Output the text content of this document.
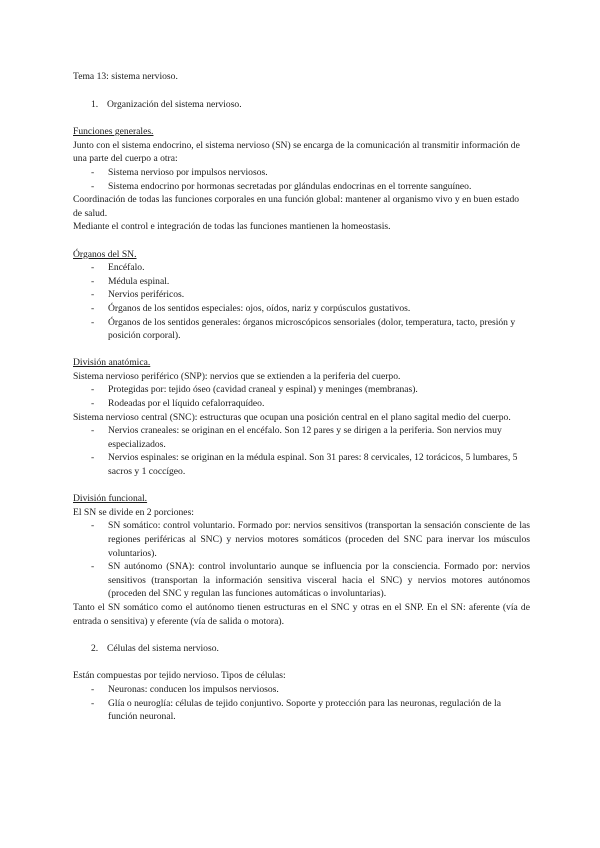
Tema 13: sistema nervioso.

1. Organización del sistema nervioso.

Funciones generales.

Junto con el sistema endocrino, el sistema nervioso (SN) se encarga de la comunicación al transmitir información de una parte del cuerpo a otra:

- Sistema nervioso por impulsos nerviosos.
- Sistema endocrino por hormonas secretadas por glándulas endocrinas en el torrente sanguíneo.

Coordinación de todas las funciones corporales en una función global: mantener al organismo vivo y en buen estado de salud.

Mediante el control e integración de todas las funciones mantienen la homeostasis.

Órganos del SN.

- Encéfalo.
- Médula espinal.
- Nervios periféricos.
- Órganos de los sentidos especiales: ojos, oídos, nariz y corpúsculos gustativos.
- Órganos de los sentidos generales: órganos microscópicos sensoriales (dolor, temperatura, tacto, presión y posición corporal).

División anatómica.

Sistema nervioso periférico (SNP): nervios que se extienden a la periferia del cuerpo.

- Protegidas por: tejido óseo (cavidad craneal y espinal) y meninges (membranas).
- Rodeadas por el líquido cefalorraquídeo.

Sistema nervioso central (SNC): estructuras que ocupan una posición central en el plano sagital medio del cuerpo.

- Nervios craneales: se originan en el encéfalo. Son 12 pares y se dirigen a la periferia. Son nervios muy especializados.
- Nervios espinales: se originan en la médula espinal. Son 31 pares: 8 cervicales, 12 torácicos, 5 lumbares, 5 sacros y 1 coccígeo.

División funcional.

El SN se divide en 2 porciones:

- SN somático: control voluntario. Formado por: nervios sensitivos (transportan la sensación consciente de las regiones periféricas al SNC) y nervios motores somáticos (proceden del SNC para inervar los músculos voluntarios).
- SN autónomo (SNA): control involuntario aunque se influencia por la consciencia. Formado por: nervios sensitivos (transportan la información sensitiva visceral hacia el SNC) y nervios motores autónomos (proceden del SNC y regulan las funciones automáticas o involuntarias).

Tanto el SN somático como el autónomo tienen estructuras en el SNC y otras en el SNP. En el SN: aferente (vía de entrada o sensitiva) y eferente (vía de salida o motora).

2. Células del sistema nervioso.

Están compuestas por tejido nervioso. Tipos de células:

- Neuronas: conducen los impulsos nerviosos.
- Glía o neuroglía: células de tejido conjuntivo. Soporte y protección para las neuronas, regulación de la función neuronal.
